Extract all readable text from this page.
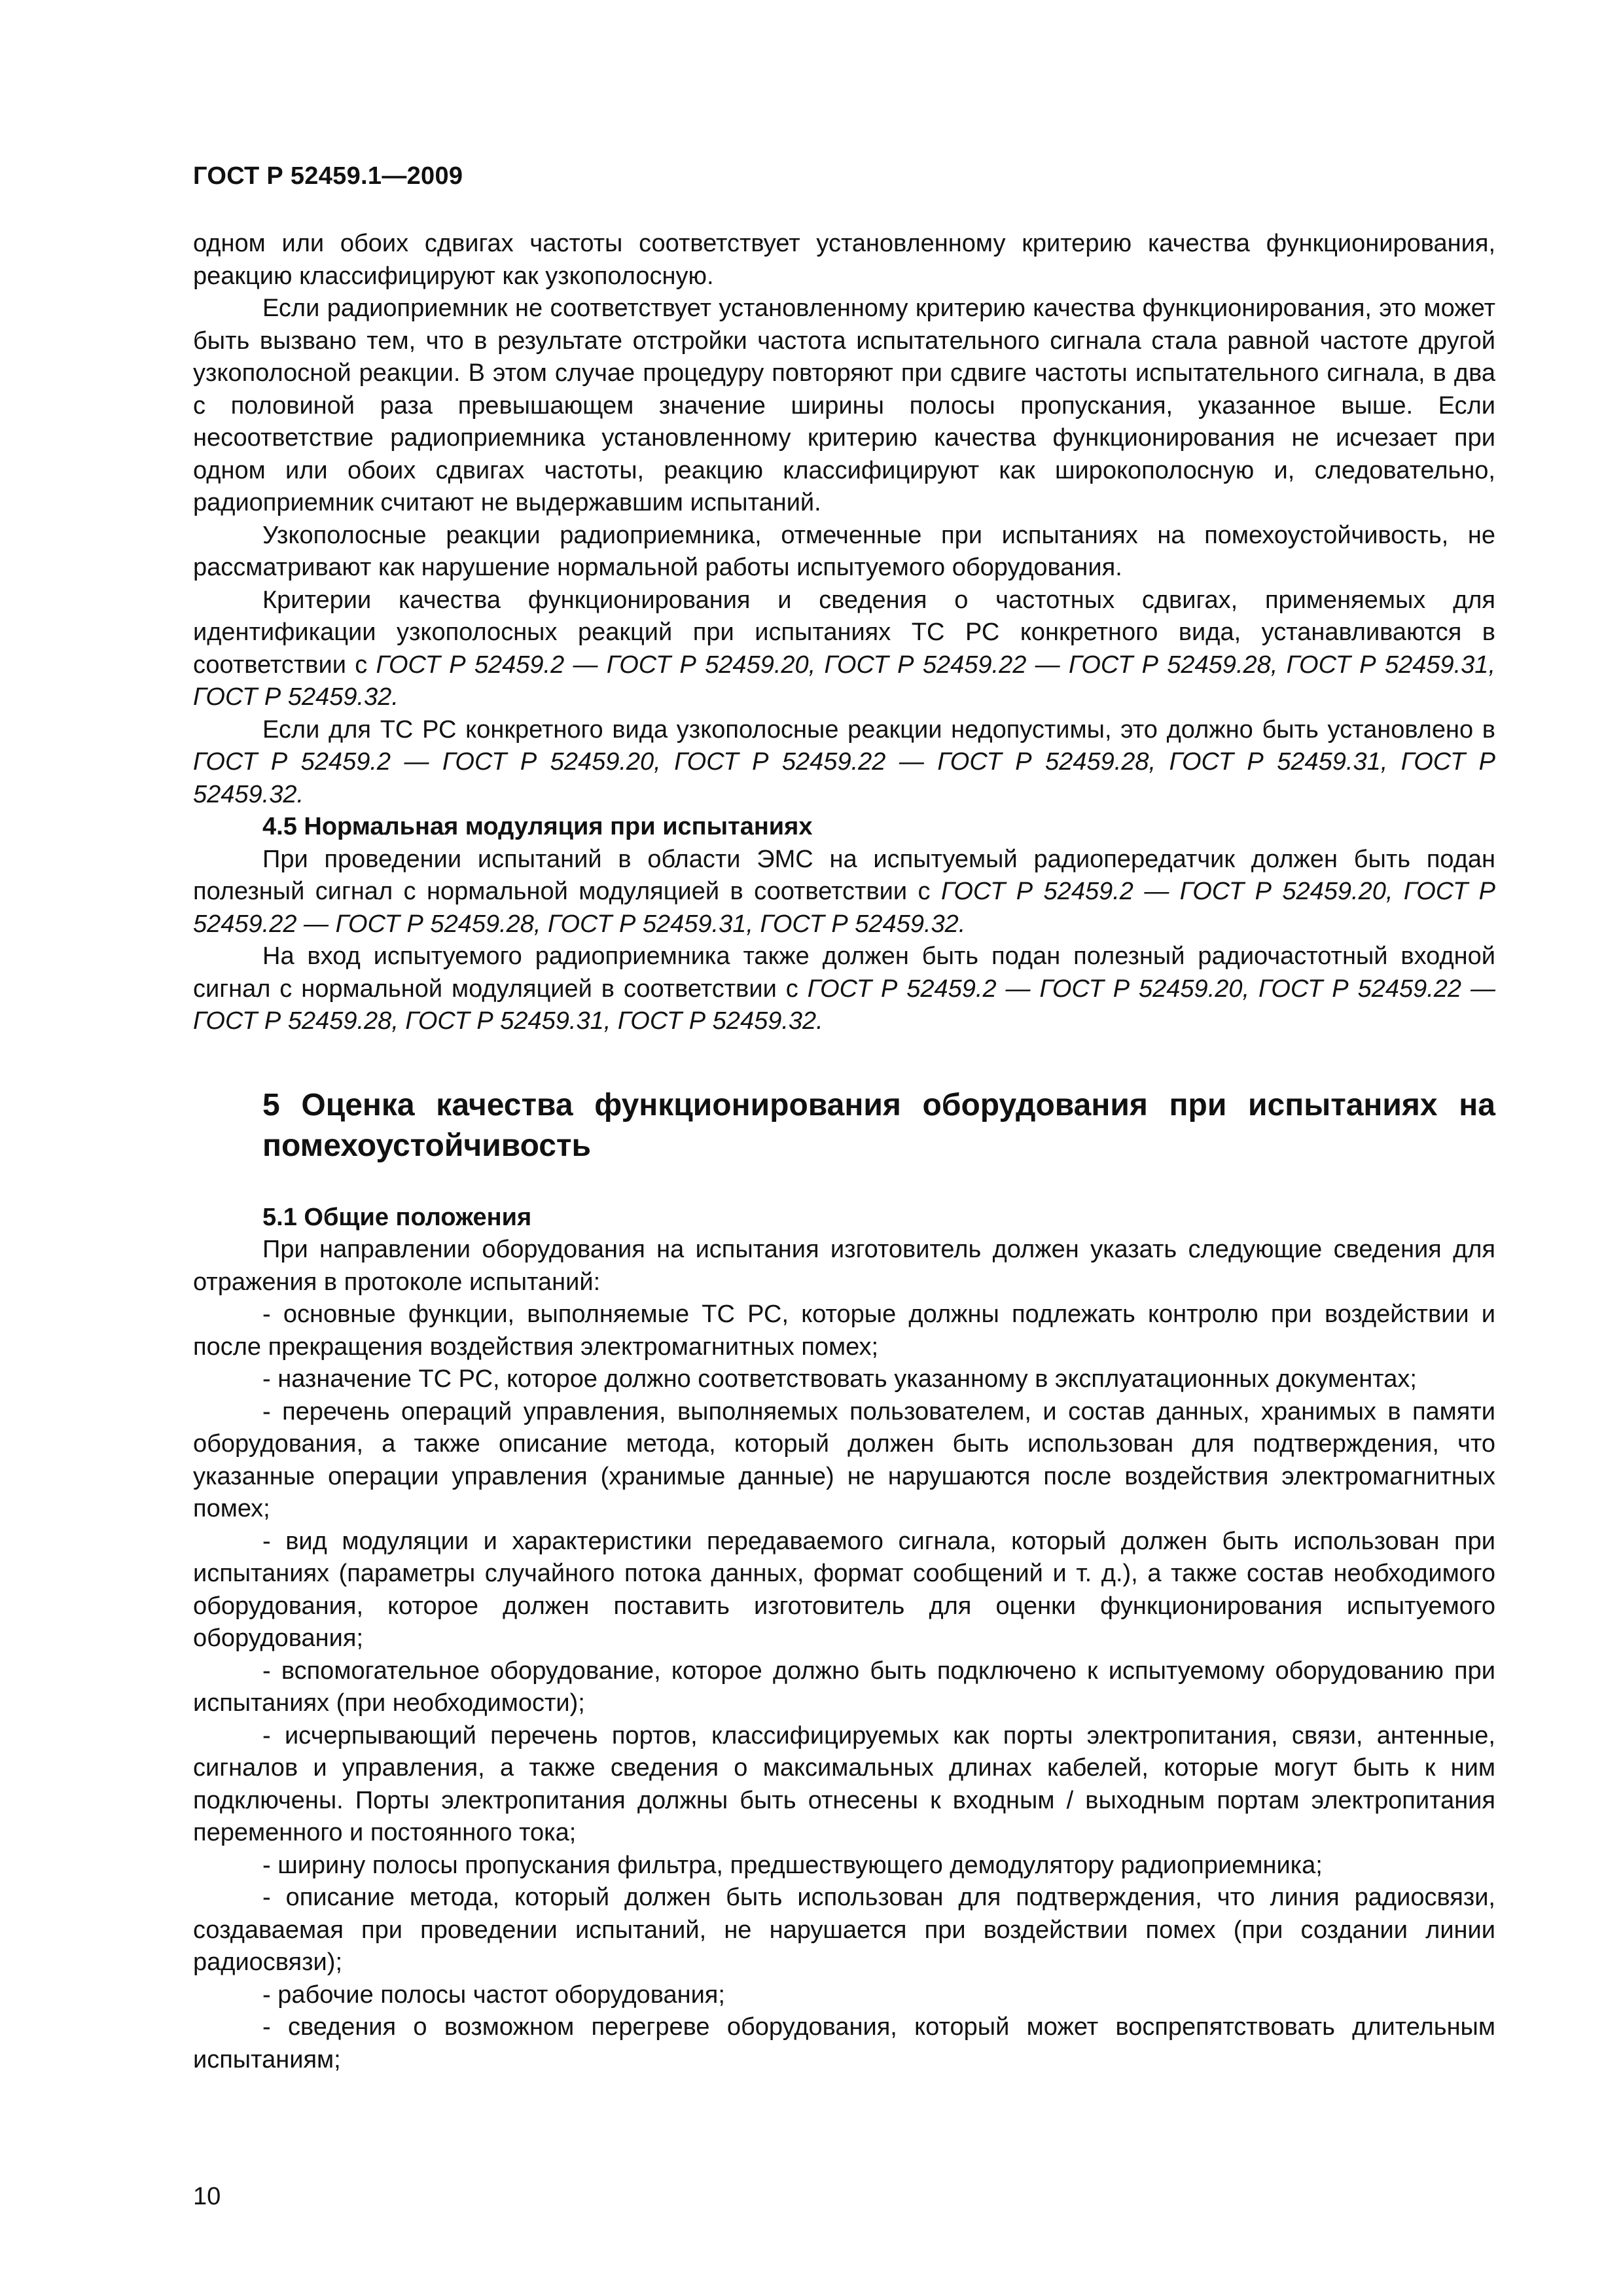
ГОСТ Р 52459.1—2009

одном или обоих сдвигах частоты соответствует установленному критерию качества функционирования, реакцию классифицируют как узкополосную.

Если радиоприемник не соответствует установленному критерию качества функционирования, это может быть вызвано тем, что в результате отстройки частота испытательного сигнала стала равной частоте другой узкополосной реакции. В этом случае процедуру повторяют при сдвиге частоты испытательного сигнала, в два с половиной раза превышающем значение ширины полосы пропускания, указанное выше. Если несоответствие радиоприемника установленному критерию качества функционирования не исчезает при одном или обоих сдвигах частоты, реакцию классифицируют как широкополосную и, следовательно, радиоприемник считают не выдержавшим испытаний.

Узкополосные реакции радиоприемника, отмеченные при испытаниях на помехоустойчивость, не рассматривают как нарушение нормальной работы испытуемого оборудования.

Критерии качества функционирования и сведения о частотных сдвигах, применяемых для идентификации узкополосных реакций при испытаниях ТС РС конкретного вида, устанавливаются в соответствии с ГОСТ Р 52459.2 — ГОСТ Р 52459.20, ГОСТ Р 52459.22 — ГОСТ Р 52459.28, ГОСТ Р 52459.31, ГОСТ Р 52459.32.

Если для ТС РС конкретного вида узкополосные реакции недопустимы, это должно быть установлено в ГОСТ Р 52459.2 — ГОСТ Р 52459.20, ГОСТ Р 52459.22 — ГОСТ Р 52459.28, ГОСТ Р 52459.31, ГОСТ Р 52459.32.

4.5 Нормальная модуляция при испытаниях

При проведении испытаний в области ЭМС на испытуемый радиопередатчик должен быть подан полезный сигнал с нормальной модуляцией в соответствии с ГОСТ Р 52459.2 — ГОСТ Р 52459.20, ГОСТ Р 52459.22 — ГОСТ Р 52459.28, ГОСТ Р 52459.31, ГОСТ Р 52459.32.

На вход испытуемого радиоприемника также должен быть подан полезный радиочастотный входной сигнал с нормальной модуляцией в соответствии с ГОСТ Р 52459.2 — ГОСТ Р 52459.20, ГОСТ Р 52459.22 — ГОСТ Р 52459.28, ГОСТ Р 52459.31, ГОСТ Р 52459.32.

5 Оценка качества функционирования оборудования при испытаниях на помехоустойчивость

5.1 Общие положения

При направлении оборудования на испытания изготовитель должен указать следующие сведения для отражения в протоколе испытаний:

- основные функции, выполняемые ТС РС, которые должны подлежать контролю при воздействии и после прекращения воздействия электромагнитных помех;
- назначение ТС РС, которое должно соответствовать указанному в эксплуатационных документах;
- перечень операций управления, выполняемых пользователем, и состав данных, хранимых в памяти оборудования, а также описание метода, который должен быть использован для подтверждения, что указанные операции управления (хранимые данные) не нарушаются после воздействия электромагнитных помех;
- вид модуляции и характеристики передаваемого сигнала, который должен быть использован при испытаниях (параметры случайного потока данных, формат сообщений и т. д.), а также состав необходимого оборудования, которое должен поставить изготовитель для оценки функционирования испытуемого оборудования;
- вспомогательное оборудование, которое должно быть подключено к испытуемому оборудованию при испытаниях (при необходимости);
- исчерпывающий перечень портов, классифицируемых как порты электропитания, связи, антенные, сигналов и управления, а также сведения о максимальных длинах кабелей, которые могут быть к ним подключены. Порты электропитания должны быть отнесены к входным / выходным портам электропитания переменного и постоянного тока;
- ширину полосы пропускания фильтра, предшествующего демодулятору радиоприемника;
- описание метода, который должен быть использован для подтверждения, что линия радиосвязи, создаваемая при проведении испытаний, не нарушается при воздействии помех (при создании линии радиосвязи);
- рабочие полосы частот оборудования;
- сведения о возможном перегреве оборудования, который может воспрепятствовать длительным испытаниям;
10
